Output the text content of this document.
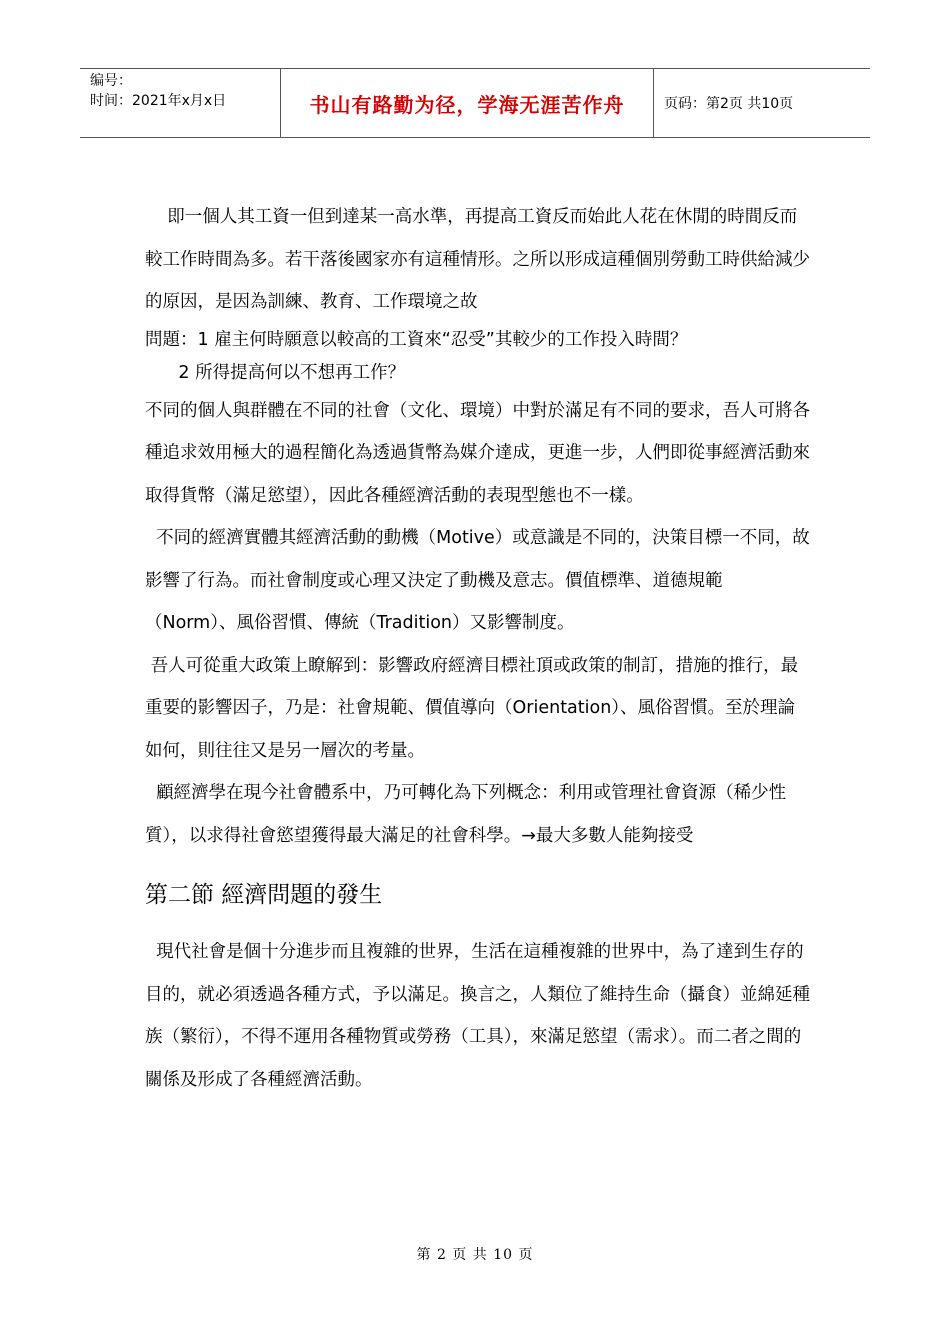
编号：
时间：2021年x月x日	书山有路勤为径，学海无涯苦作舟	页码：第2页 共10页

即一個人其工資一但到達某一高水準，再提高工資反而始此人花在休閒的時間反而較工作時間為多。若干落後國家亦有這種情形。之所以形成這種個別勞動工時供給減少的原因，是因為訓練、教育、工作環境之故

問題：1 雇主何時願意以較高的工資來“忍受”其較少的工作投入時間？

2 所得提高何以不想再工作？

不同的個人與群體在不同的社會（文化、環境）中對於滿足有不同的要求，吾人可將各種追求效用極大的過程簡化為透過貨幣為媒介達成，更進一步，人們即從事經濟活動來取得貨幣（滿足慾望），因此各種經濟活動的表現型態也不一樣。

不同的經濟實體其經濟活動的動機（Motive）或意識是不同的，決策目標一不同，故影響了行為。而社會制度或心理又決定了動機及意志。價值標準、道德規範（Norm）、風俗習慣、傳統（Tradition）又影響制度。

吾人可從重大政策上瞭解到：影響政府經濟目標社頂或政策的制訂，措施的推行，最重要的影響因子，乃是：社會規範、價值導向（Orientation）、風俗習慣。至於理論如何，則往往又是另一層次的考量。

顧經濟學在現今社會體系中，乃可轉化為下列概念：利用或管理社會資源（稀少性質），以求得社會慾望獲得最大滿足的社會科學。→最大多數人能夠接受

第二節 經濟問題的發生

現代社會是個十分進步而且複雜的世界，生活在這種複雜的世界中，為了達到生存的目的，就必須透過各種方式，予以滿足。換言之，人類位了維持生命（攝食）並綿延種族（繁衍），不得不運用各種物質或勞務（工具），來滿足慾望（需求）。而二者之間的關係及形成了各種經濟活動。

第 2 页 共 10 页
